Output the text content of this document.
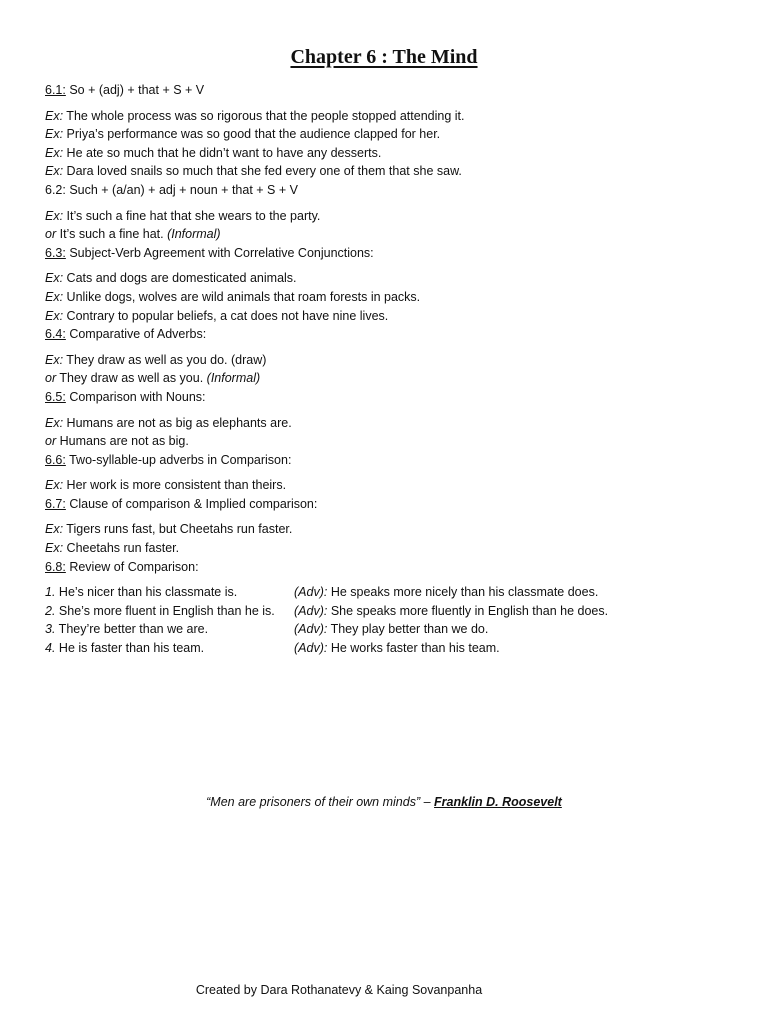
Chapter 6 : The Mind
6.1: So + (adj) + that + S + V
Ex: The whole process was so rigorous that the people stopped attending it.
Ex: Priya’s performance was so good that the audience clapped for her.
Ex: He ate so much that he didn’t want to have any desserts.
Ex: Dara loved snails so much that she fed every one of them that she saw.
6.2: Such + (a/an) + adj + noun + that + S + V
Ex: It’s such a fine hat that she wears to the party.
or It’s such a fine hat. (Informal)
6.3: Subject-Verb Agreement with Correlative Conjunctions:
Ex: Cats and dogs are domesticated animals.
Ex: Unlike dogs, wolves are wild animals that roam forests in packs.
Ex: Contrary to popular beliefs, a cat does not have nine lives.
6.4: Comparative of Adverbs:
Ex: They draw as well as you do. (draw)
or They draw as well as you. (Informal)
6.5: Comparison with Nouns:
Ex: Humans are not as big as elephants are.
or Humans are not as big.
6.6: Two-syllable-up adverbs in Comparison:
Ex: Her work is more consistent than theirs.
6.7: Clause of comparison & Implied comparison:
Ex: Tigers runs fast, but Cheetahs run faster.
Ex: Cheetahs run faster.
6.8: Review of Comparison:
1. He’s nicer than his classmate is.	(Adv): He speaks more nicely than his classmate does.
2. She’s more fluent in English than he is.	(Adv): She speaks more fluently in English than he does.
3. They’re better than we are.	(Adv): They play better than we do.
4. He is faster than his team.	(Adv): He works faster than his team.
“Men are prisoners of their own minds” – Franklin D. Roosevelt
Created by Dara Rothanatevy & Kaing Sovanpanha
